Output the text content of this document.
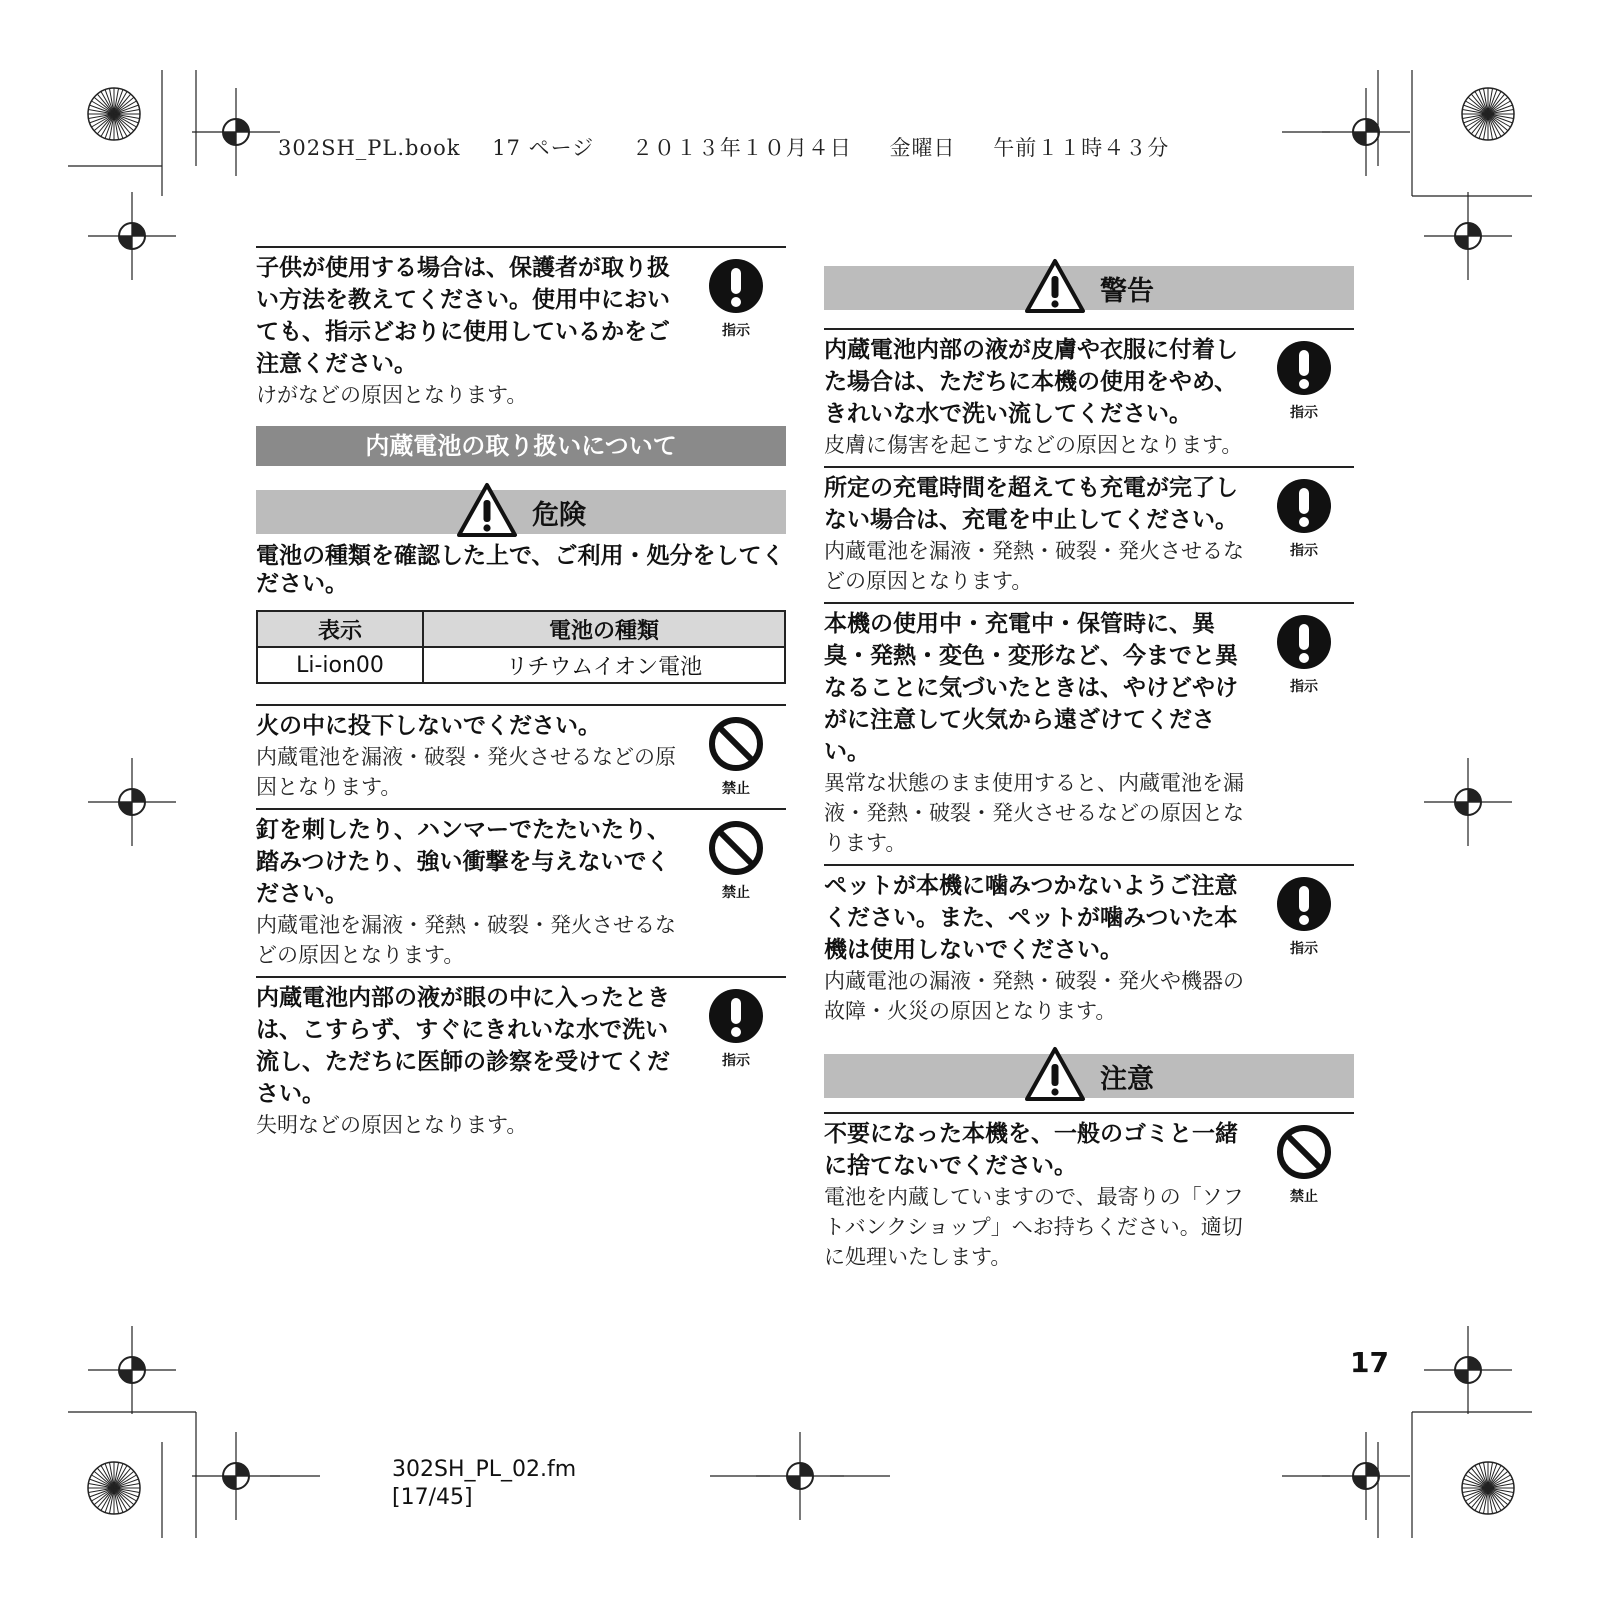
302SH_PL.book 17 ページ ２０１３年１０月４日 金曜日 午前１１時４３分
子供が使用する場合は、保護者が取り扱い方法を教えてください。使用中においても、指示どおりに使用しているかをご注意ください。
けがなどの原因となります。
指示
内蔵電池の取り扱いについて
危険
電池の種類を確認した上で、ご利用・処分をしてください。
表示	電池の種類
Li-ion00	リチウムイオン電池
火の中に投下しないでください。
内蔵電池を漏液・破裂・発火させるなどの原因となります。	禁止
釘を刺したり、ハンマーでたたいたり、踏みつけたり、強い衝撃を与えないでください。
内蔵電池を漏液・発熱・破裂・発火させるなどの原因となります。
禁止
内蔵電池内部の液が眼の中に入ったときは、こすらず、すぐにきれいな水で洗い流し、ただちに医師の診察を受けてください。
失明などの原因となります。
指示
警告
内蔵電池内部の液が皮膚や衣服に付着した場合は、ただちに本機の使用をやめ、きれいな水で洗い流してください。
皮膚に傷害を起こすなどの原因となります。
指示
所定の充電時間を超えても充電が完了しない場合は、充電を中止してください。
内蔵電池を漏液・発熱・破裂・発火させるなどの原因となります。
指示
本機の使用中・充電中・保管時に、異臭・発熱・変色・変形など、今までと異なることに気づいたときは、やけどやけがに注意して火気から遠ざけてください。
異常な状態のまま使用すると、内蔵電池を漏液・発熱・破裂・発火させるなどの原因となります。
指示
ペットが本機に噛みつかないようご注意ください。また、ペットが噛みついた本機は使用しないでください。
内蔵電池の漏液・発熱・破裂・発火や機器の故障・火災の原因となります。
指示
注意
不要になった本機を、一般のゴミと一緒に捨てないでください。
電池を内蔵していますので、最寄りの「ソフトバンクショップ」へお持ちください。適切に処理いたします。
禁止
17
302SH_PL_02.fm
[17/45]
